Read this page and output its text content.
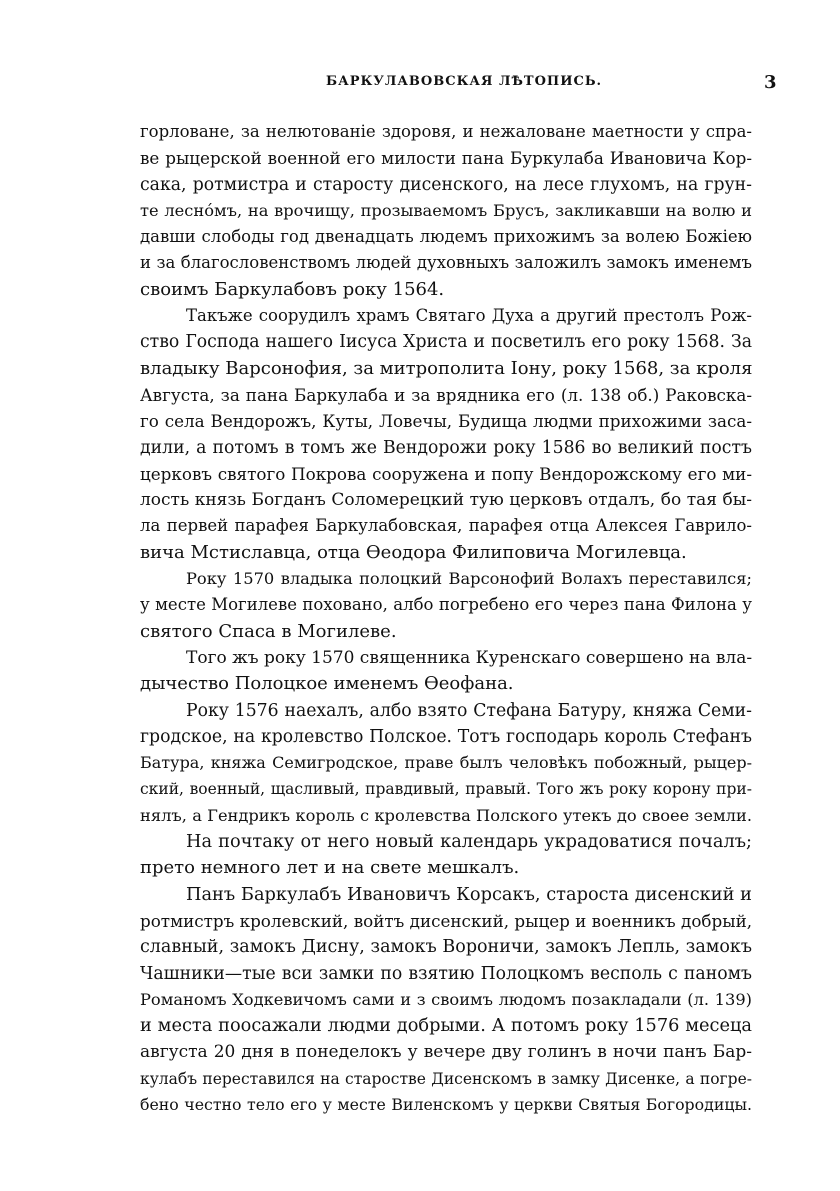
БАРКУЛАВОВСКАЯ ЛѢТОПИСЬ.	3
горловане, за нелютованіе здоровя, и нежаловане маетности у спра-
ве рыцерской военной его милости пана Буркулаба Ивановича Кор-
сака, ротмистра и старосту дисенского, на лесе глухомъ, на грун-
те леснóмъ, на врочищу, прозываемомъ Брусъ, закликавши на волю и
давши слободы год двенадцать людемъ прихожимъ за волею Божіею
и за благословенствомъ людей духовныхъ заложилъ замокъ именемъ
своимъ Баркулабовъ року 1564.
Такъже соорудилъ храмъ Святаго Духа а другий престолъ Рож-
ство Господа нашего Іисуса Христа и посветилъ его року 1568. За
владыку Варсонофия, за митрополита Іону, року 1568, за кроля
Августа, за пана Баркулаба и за врядника его (л. 138 об.) Раковска-
го села Вендорожъ, Куты, Ловечы, Будища людми прихожими заса-
дили, а потомъ в томъ же Вендорожи року 1586 во великий постъ
церковъ святого Покрова сооружена и попу Вендорожскому его ми-
лость князь Богданъ Соломерецкий тую церковъ отдалъ, бо тая бы-
ла первей парафея Баркулабовская, парафея отца Алексея Гаврило-
вича Мстиславца, отца Ѳеодора Филиповича Могилевца.
Року 1570 владыка полоцкий Варсонофий Волахъ переставился;
у месте Могилеве поховано, албо погребено его через пана Филона у
святого Спаса в Могилеве.
Того жъ року 1570 священника Куренскаго совершено на вла-
дычество Полоцкое именемъ Ѳеофана.
Року 1576 наехалъ, албо взято Стефана Батуру, княжа Семи-
гродское, на кролевство Полское. Тотъ господарь король Стефанъ
Батура, княжа Семигродское, праве былъ человѣкъ побожный, рыцер-
ский, военный, щасливый, правдивый, правый. Того жъ року корону при-
нялъ, а Гендрикъ король с кролевства Полского утекъ до своее земли.
На почтаку от него новый календарь украдоватися почалъ;
прето немного лет и на свете мешкалъ.
Панъ Баркулабъ Ивановичъ Корсакъ, староста дисенский и
ротмистръ кролевский, войтъ дисенский, рыцер и военникъ добрый,
славный, замокъ Дисну, замокъ Вороничи, замокъ Лепль, замокъ
Чашники—тые вси замки по взятию Полоцкомъ весполь с паномъ
Романомъ Ходкевичомъ сами и з своимъ людомъ позакладали (л. 139)
и места поосажали людми добрыми. А потомъ року 1576 месеца
августа 20 дня в понеделокъ у вечере дву голинъ в ночи панъ Бар-
кулабъ переставился на старостве Дисенскомъ в замку Дисенке, а погре-
бено честно тело его у месте Виленскомъ у церкви Святыя Богородицы.
